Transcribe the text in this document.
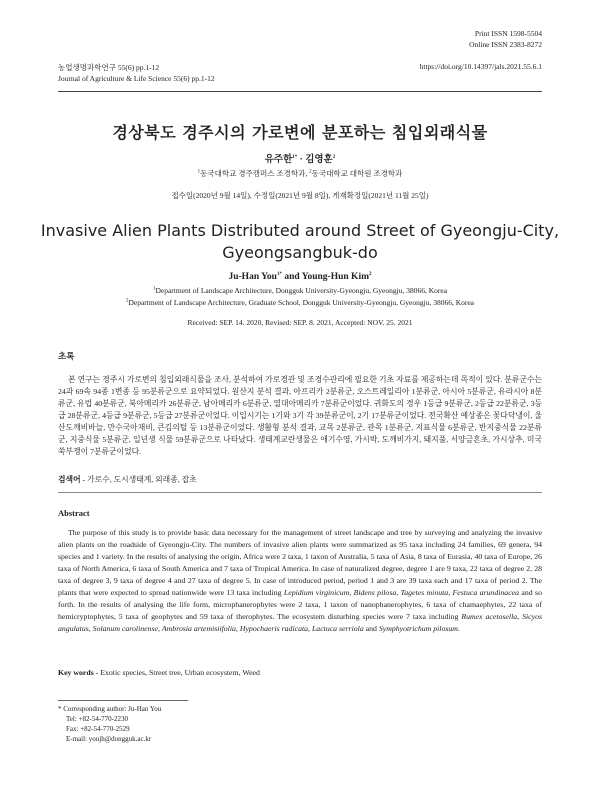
Print ISSN 1598-5504
Online ISSN 2383-8272
농업생명과학연구 55(6) pp.1-12
Journal of Agriculture & Life Science 55(6) pp.1-12
https://doi.org/10.14397/jals.2021.55.6.1
경상북도 경주시의 가로변에 분포하는 침입외래식물
유주한$^{1*}$ · 김영훈$^2$
$^1$동국대학교 경주캠퍼스 조경학과, $^2$동국대학교 대학원 조경학과
접수일(2020년 9월 14일), 수정일(2021년 9월 8일), 게재확정일(2021년 11월 25일)
Invasive Alien Plants Distributed around Street of Gyeongju-City,
Gyeongsangbuk-do
Ju-Han You$^{1*}$ and Young-Hun Kim$^2$
$^1$Department of Landscape Architecture, Dongguk University-Gyeongju, Gyeongju, 38066, Korea
$^2$Department of Landscape Architecture, Graduate School, Dongguk University-Gyeongju, Gyeongju, 38066, Korea
Received: SEP. 14. 2020, Revised: SEP. 8. 2021, Accepted: NOV. 25. 2021
초록
본 연구는 경주시 가로변의 침입외래식물을 조사, 분석하여 가로경관 및 조경수관리에 필요한 기초 자료를 제공하는데 목적이 있다. 분류군수는 24과 69속 94종 1변종 등 95분류군으로 요약되었다. 원산지 분석 결과, 아프리카 2분류군, 오스트레일리아 1분류군, 아시아 5분류군, 유라시아 8분류군, 유럽 40분류군, 북아메리카 26분류군, 남아메리카 6분류군, 열대아메리카 7분류군이었다. 귀화도의 경우 1등급 9분류군, 2등급 22분류군, 3등급 28분류군, 4등급 9분류군, 5등급 27분류군이었다. 이입시기는 1기와 3기 각 39분류군이, 2기 17분류군이었다. 전국확산 예상종은 꽃다닥냉이, 울산도깨비바늘, 만수국아재비, 큰김의털 등 13분류군이었다. 생활형 분석 결과, 교목 2분류군, 관목 1분류군, 지표식물 6분류군, 반지중식물 22분류군, 지중식물 5분류군, 일년생 식물 59분류군으로 나타났다. 생태계교란생물은 애기수영, 가시박, 도깨비가지, 돼지풀, 서양금혼초, 가시상추, 미국쑥부쟁이 7분류군이었다.
검색어 - 가로수, 도시생태계, 외래종, 잡초
Abstract
The purpose of this study is to provide basic data necessary for the management of street landscape and tree by surveying and analyzing the invasive alien plants on the roadside of Gyeongju-City. The numbers of invasive alien plants were summarized as 95 taxa including 24 families, 69 genera, 94 species and 1 variety. In the results of analysing the origin, Africa were 2 taxa, 1 taxon of Australia, 5 taxa of Asia, 8 taxa of Eurasia, 40 taxa of Europe, 26 taxa of North America, 6 taxa of South America and 7 taxa of Tropical America. In case of naturalized degree, degree 1 are 9 taxa, 22 taxa of degree 2, 28 taxa of degree 3, 9 taxa of degree 4 and 27 taxa of degree 5. In case of introduced period, period 1 and 3 are 39 taxa each and 17 taxa of period 2. The plants that were expected to spread nationwide were 13 taxa including Lepidium virginicum, Bidens pilosa, Tagetes minuta, Festuca arundinacea and so forth. In the results of analysing the life form, microphanerophytes were 2 taxa, 1 taxon of nanophanerophytes, 6 taxa of chamaephytes, 22 taxa of hemicryptophytes, 5 taxa of geophytes and 59 taxa of therophytes. The ecosystem disturbing species were 7 taxa including Rumex acetosella, Sicyos angulatus, Solanum carolinense, Ambrosia artemisiifolia, Hypochaeris radicata, Lactuca serriola and Symphyotrichum pilosum.
Key words - Exotic species, Street tree, Urban ecosystem, Weed
* Corresponding author: Ju-Han You
Tel: +82-54-770-2230
Fax: +82-54-770-2529
E-mail: youjh@dongguk.ac.kr
